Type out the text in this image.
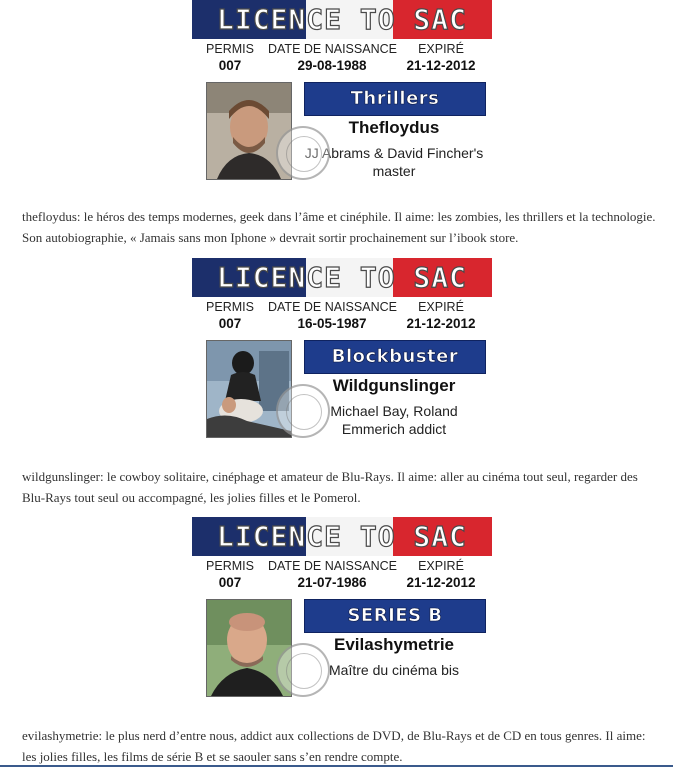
LICENCE TO SAC
PERMIS
007
DATE DE NAISSANCE
29-08-1988
EXPIRÉ
21-12-2012
Thrillers
Thefloydus
JJ Abrams & David Fincher's
master
thefloydus: le héros des temps modernes, geek dans l’âme et cinéphile. Il aime: les zombies, les thrillers et la technologie.
Son autobiographie, « Jamais sans mon Iphone » devrait sortir prochainement sur l’ibook store.
LICENCE TO SAC
PERMIS
007
DATE DE NAISSANCE
16-05-1987
EXPIRÉ
21-12-2012
Blockbuster
Wildgunslinger
Michael Bay, Roland
Emmerich addict
wildgunslinger: le cowboy solitaire, cinéphage et amateur de Blu-Rays. Il aime: aller au cinéma tout seul, regarder des
Blu-Rays tout seul ou accompagné, les jolies filles et le Pomerol.
LICENCE TO SAC
PERMIS
007
DATE DE NAISSANCE
21-07-1986
EXPIRÉ
21-12-2012
SERIES B
Evilashymetrie
Maître du cinéma bis
evilashymetrie: le plus nerd d’entre nous, addict aux collections de DVD, de Blu-Rays et de CD en tous genres. Il aime:
les jolies filles, les films de série B et se saouler sans s’en rendre compte.
